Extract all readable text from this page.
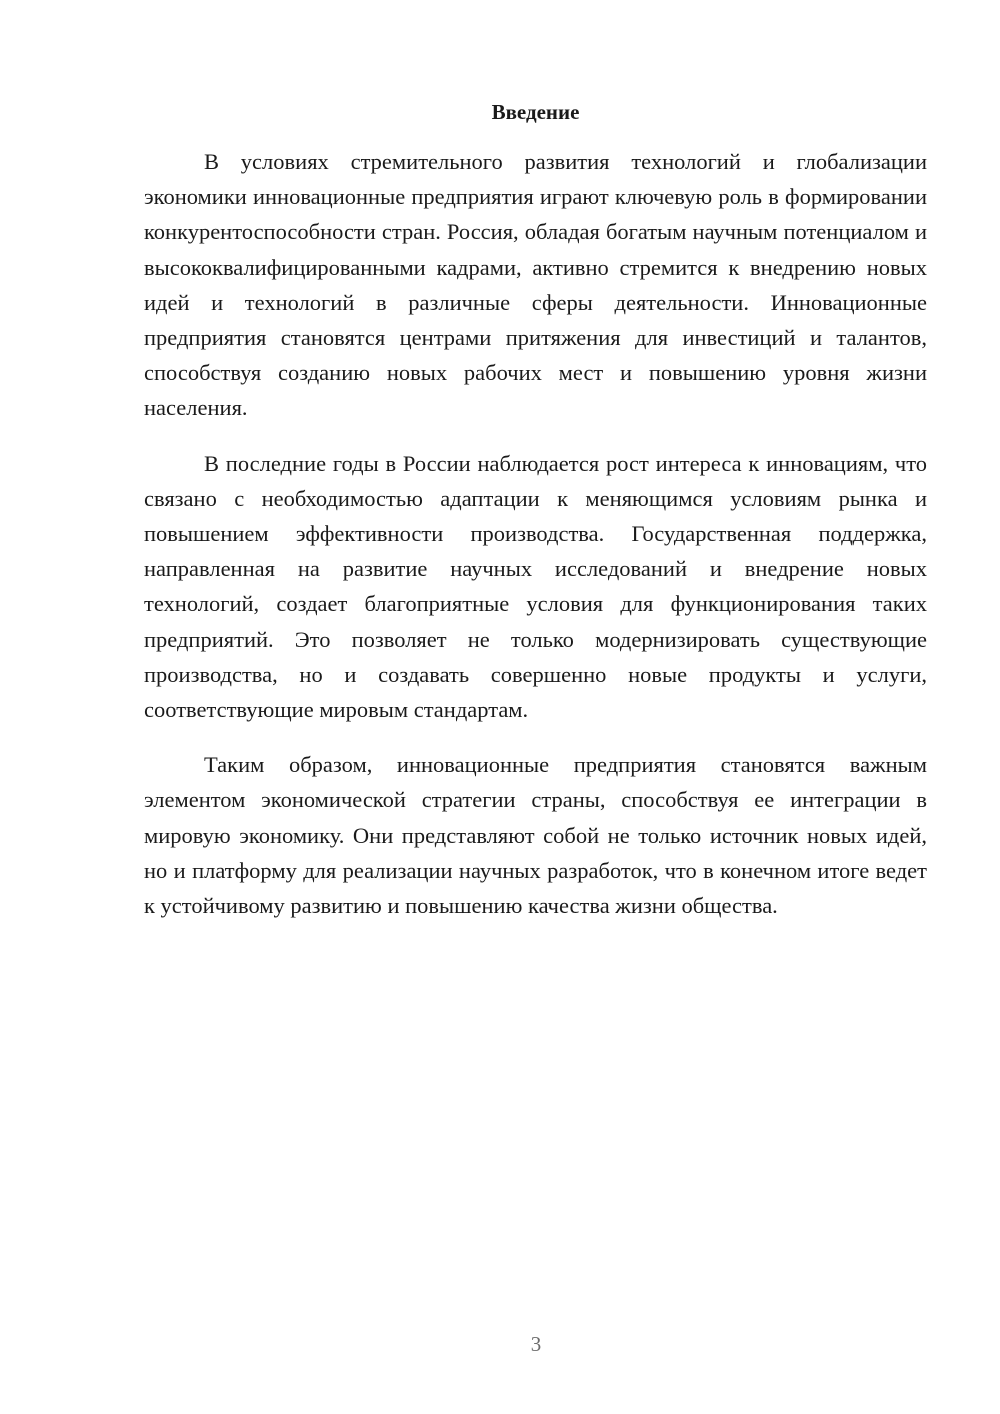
Введение

В условиях стремительного развития технологий и глобализации экономики инновационные предприятия играют ключевую роль в формировании конкурентоспособности стран. Россия, обладая богатым научным потенциалом и высококвалифицированными кадрами, активно стремится к внедрению новых идей и технологий в различные сферы деятельности. Инновационные предприятия становятся центрами притяжения для инвестиций и талантов, способствуя созданию новых рабочих мест и повышению уровня жизни населения.

В последние годы в России наблюдается рост интереса к инновациям, что связано с необходимостью адаптации к меняющимся условиям рынка и повышением эффективности производства. Государственная поддержка, направленная на развитие научных исследований и внедрение новых технологий, создает благоприятные условия для функционирования таких предприятий. Это позволяет не только модернизировать существующие производства, но и создавать совершенно новые продукты и услуги, соответствующие мировым стандартам.

Таким образом, инновационные предприятия становятся важным элементом экономической стратегии страны, способствуя ее интеграции в мировую экономику. Они представляют собой не только источник новых идей, но и платформу для реализации научных разработок, что в конечном итоге ведет к устойчивому развитию и повышению качества жизни общества.

3
